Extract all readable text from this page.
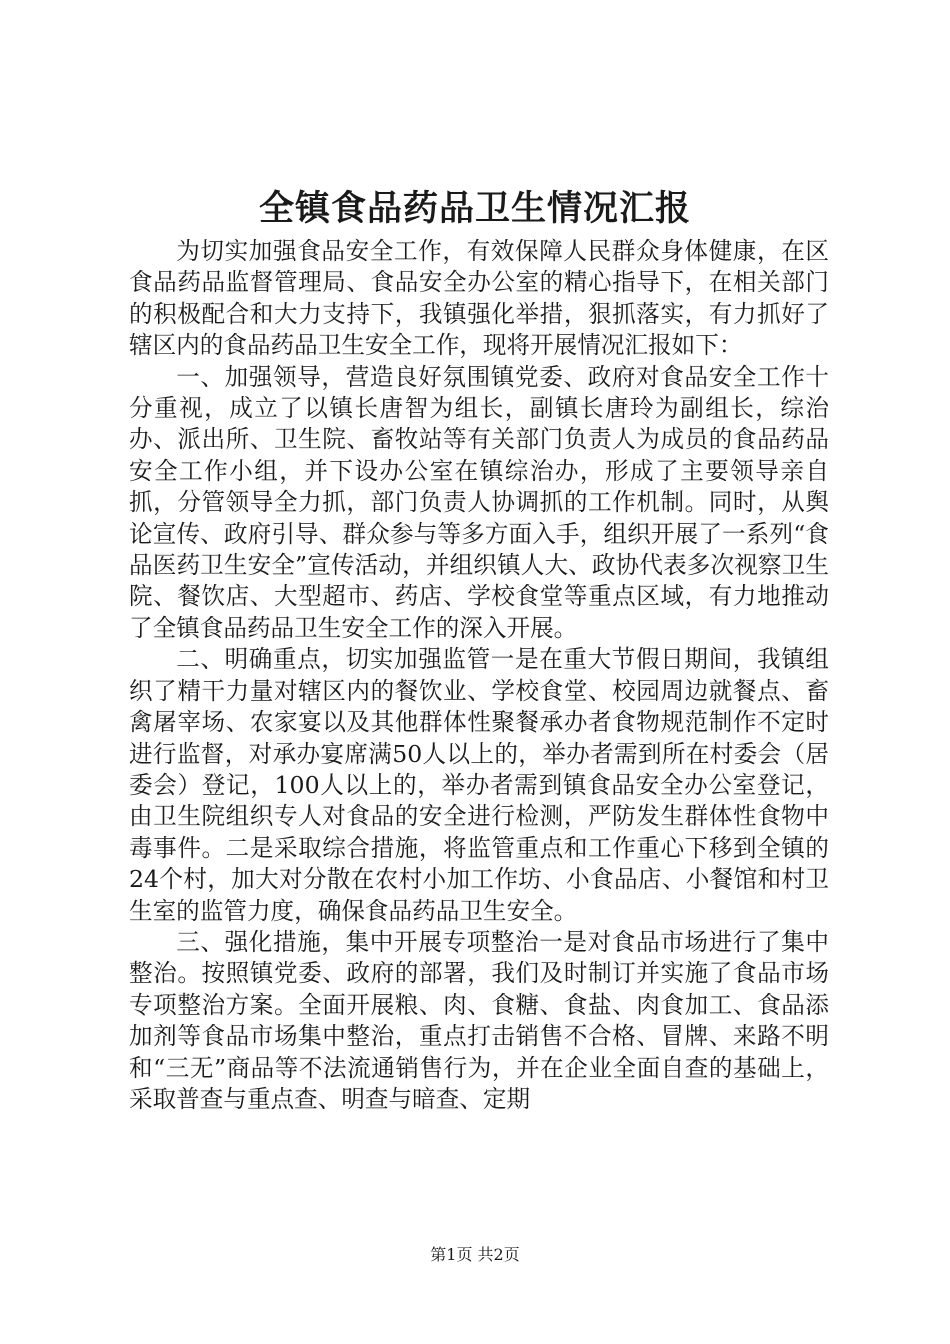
全镇食品药品卫生情况汇报

为切实加强食品安全工作，有效保障人民群众身体健康，在区食品药品监督管理局、食品安全办公室的精心指导下，在相关部门的积极配合和大力支持下，我镇强化举措，狠抓落实，有力抓好了辖区内的食品药品卫生安全工作，现将开展情况汇报如下：

一、加强领导，营造良好氛围镇党委、政府对食品安全工作十分重视，成立了以镇长唐智为组长，副镇长唐玲为副组长，综治办、派出所、卫生院、畜牧站等有关部门负责人为成员的食品药品安全工作小组，并下设办公室在镇综治办，形成了主要领导亲自抓，分管领导全力抓，部门负责人协调抓的工作机制。同时，从舆论宣传、政府引导、群众参与等多方面入手，组织开展了一系列“食品医药卫生安全”宣传活动，并组织镇人大、政协代表多次视察卫生院、餐饮店、大型超市、药店、学校食堂等重点区域，有力地推动了全镇食品药品卫生安全工作的深入开展。

二、明确重点，切实加强监管一是在重大节假日期间，我镇组织了精干力量对辖区内的餐饮业、学校食堂、校园周边就餐点、畜禽屠宰场、农家宴以及其他群体性聚餐承办者食物规范制作不定时进行监督，对承办宴席满50人以上的，举办者需到所在村委会（居委会）登记，100人以上的，举办者需到镇食品安全办公室登记，由卫生院组织专人对食品的安全进行检测，严防发生群体性食物中毒事件。二是采取综合措施，将监管重点和工作重心下移到全镇的24个村，加大对分散在农村小加工作坊、小食品店、小餐馆和村卫生室的监管力度，确保食品药品卫生安全。

三、强化措施，集中开展专项整治一是对食品市场进行了集中整治。按照镇党委、政府的部署，我们及时制订并实施了食品市场专项整治方案。全面开展粮、肉、食糖、食盐、肉食加工、食品添加剂等食品市场集中整治，重点打击销售不合格、冒牌、来路不明和“三无”商品等不法流通销售行为，并在企业全面自查的基础上，采取普查与重点查、明查与暗查、定期

第1页 共2页
